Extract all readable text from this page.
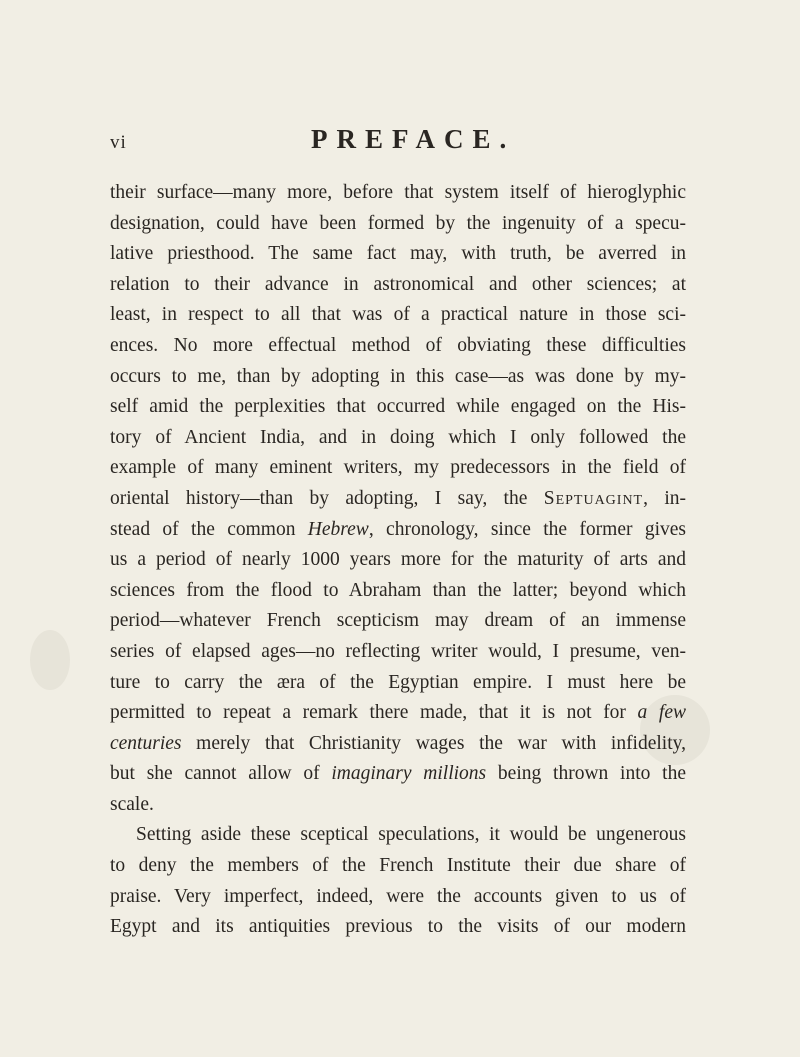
vi	PREFACE.
their surface—many more, before that system itself of hieroglyphic
designation, could have been formed by the ingenuity of a specu-
lative priesthood. The same fact may, with truth, be averred in
relation to their advance in astronomical and other sciences; at
least, in respect to all that was of a practical nature in those sci-
ences. No more effectual method of obviating these difficulties
occurs to me, than by adopting in this case—as was done by my-
self amid the perplexities that occurred while engaged on the His-
tory of Ancient India, and in doing which I only followed the
example of many eminent writers, my predecessors in the field of
oriental history—than by adopting, I say, the Septuagint, in-
stead of the common Hebrew, chronology, since the former gives
us a period of nearly 1000 years more for the maturity of arts and
sciences from the flood to Abraham than the latter; beyond which
period—whatever French scepticism may dream of an immense
series of elapsed ages—no reflecting writer would, I presume, ven-
ture to carry the æra of the Egyptian empire. I must here be
permitted to repeat a remark there made, that it is not for a few
centuries merely that Christianity wages the war with infidelity,
but she cannot allow of imaginary millions being thrown into the
scale.
Setting aside these sceptical speculations, it would be ungenerous
to deny the members of the French Institute their due share of
praise. Very imperfect, indeed, were the accounts given to us of
Egypt and its antiquities previous to the visits of our modern
